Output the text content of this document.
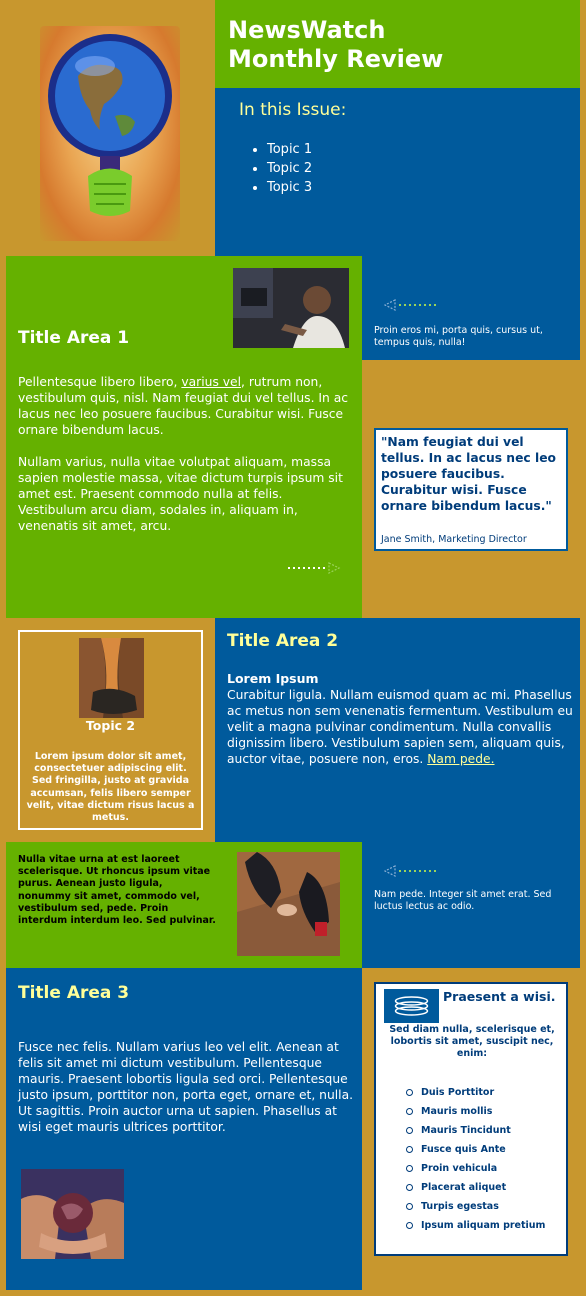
NewsWatch
Monthly Review
In this Issue:
• Topic 1
• Topic 2
• Topic 3
Title Area 1

Pellentesque libero libero, varius vel, rutrum non, vestibulum quis, nisl. Nam feugiat dui vel tellus. In ac lacus nec leo posuere faucibus. Curabitur wisi. Fusce ornare bibendum lacus.

Nullam varius, nulla vitae volutpat aliquam, massa sapien molestie massa, vitae dictum turpis ipsum sit amet est. Praesent commodo nulla at felis. Vestibulum arcu diam, sodales in, aliquam in, venenatis sit amet, arcu.

Proin eros mi, porta quis, cursus ut, tempus quis, nulla!
"Nam feugiat dui vel tellus. In ac lacus nec leo posuere faucibus. Curabitur wisi. Fusce ornare bibendum lacus."
Jane Smith, Marketing Director
Topic 2
Lorem ipsum dolor sit amet, consectetuer adipiscing elit. Sed fringilla, justo at gravida accumsan, felis libero semper velit, vitae dictum risus lacus a metus.
Title Area 2
Lorem Ipsum
Curabitur ligula. Nullam euismod quam ac mi. Phasellus ac metus non sem venenatis fermentum. Vestibulum eu velit a magna pulvinar condimentum. Nulla convallis dignissim libero. Vestibulum sapien sem, aliquam quis, auctor vitae, posuere non, eros. Nam pede.
Nulla vitae urna at est laoreet scelerisque. Ut rhoncus ipsum vitae purus. Aenean justo ligula, nonummy sit amet, commodo vel, vestibulum sed, pede. Proin interdum interdum leo. Sed pulvinar.
Nam pede. Integer sit amet erat. Sed luctus lectus ac odio.
Title Area 3
Fusce nec felis. Nullam varius leo vel elit. Aenean at felis sit amet mi dictum vestibulum. Pellentesque mauris. Praesent lobortis ligula sed orci. Pellentesque justo ipsum, porttitor non, porta eget, ornare et, nulla. Ut sagittis. Proin auctor urna ut sapien. Phasellus at wisi eget mauris ultrices porttitor.
Praesent a wisi.
Sed diam nulla, scelerisque et, lobortis sit amet, suscipit nec, enim:
Duis Porttitor
Mauris mollis
Mauris Tincidunt
Fusce quis Ante
Proin vehicula
Placerat aliquet
Turpis egestas
Ipsum aliquam pretium
